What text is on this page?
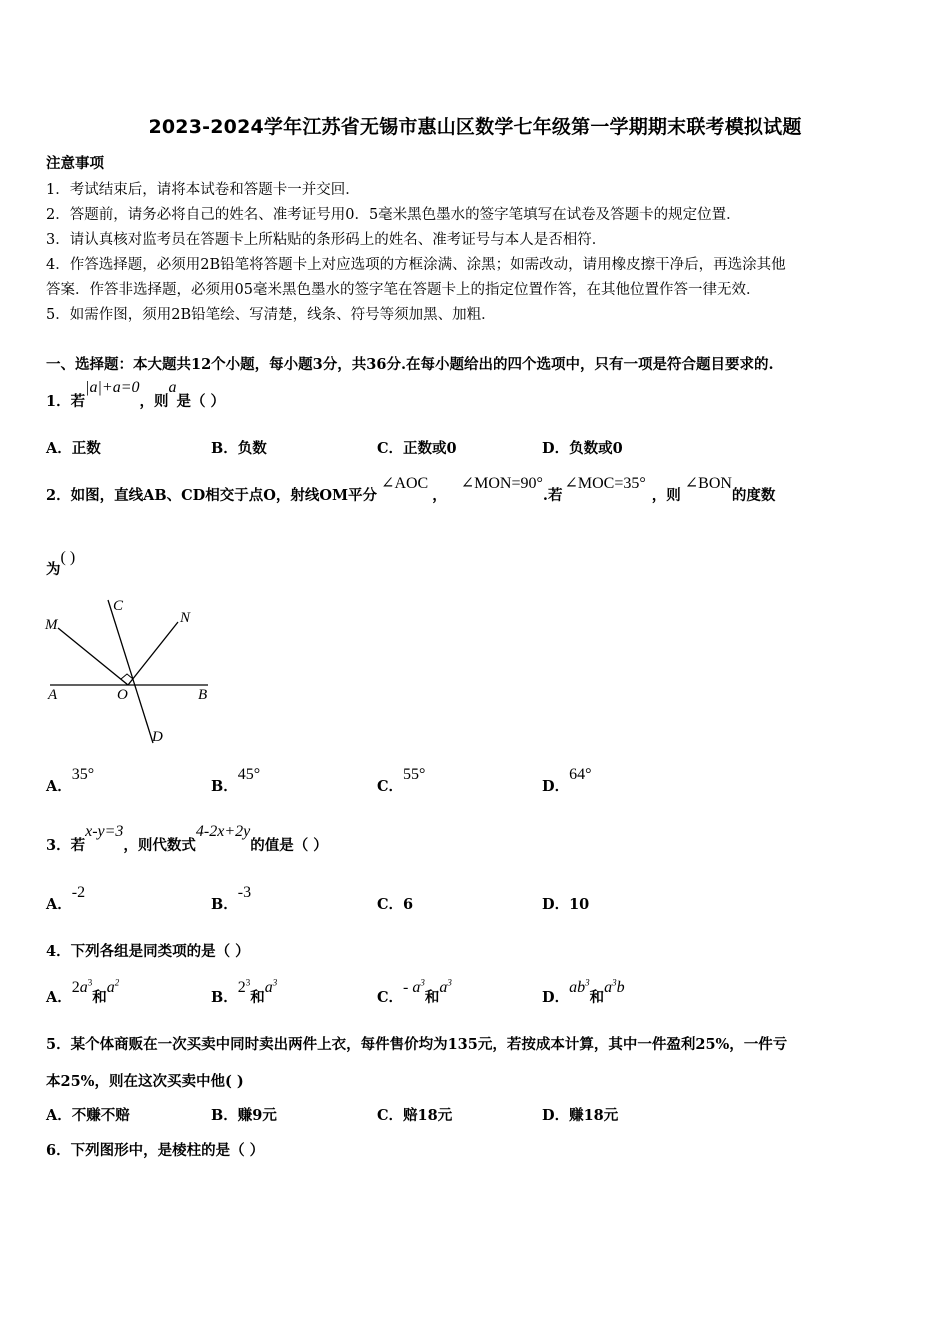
2023-2024学年江苏省无锡市惠山区数学七年级第一学期期末联考模拟试题
注意事项
1．考试结束后，请将本试卷和答题卡一并交回．
2．答题前，请务必将自己的姓名、准考证号用0．5毫米黑色墨水的签字笔填写在试卷及答题卡的规定位置．
3．请认真核对监考员在答题卡上所粘贴的条形码上的姓名、准考证号与本人是否相符．
4．作答选择题，必须用2B铅笔将答题卡上对应选项的方框涂满、涂黑；如需改动，请用橡皮擦干净后，再选涂其他
答案．作答非选择题，必须用05毫米黑色墨水的签字笔在答题卡上的指定位置作答，在其他位置作答一律无效．
5．如需作图，须用2B铅笔绘、写清楚，线条、符号等须加黑、加粗．
一、选择题：本大题共12个小题，每小题3分，共36分.在每小题给出的四个选项中，只有一项是符合题目要求的.
1．若|a|+a=0，则a是（ ）
A．正数	B．负数	C．正数或0	D．负数或0
2．如图，直线AB、CD相交于点O，射线OM平分∠AOC，∠MON=90°.若∠MOC=35°，则∠BON的度数
为( )
M
C
N
A	O	B
D
A．35°
B．45°
C．55°
D．64°
3．若x-y=3，则代数式4-2x+2y的值是（ ）
A．-2
B．-3
C．6	D．10
4．下列各组是同类项的是（ ）
A．$2a^3$和$a^2$
B．$2^3$和$a^3$
C．- $a^3$和$a^3$
D．$ab^3$和$a^3b$
5．某个体商贩在一次买卖中同时卖出两件上衣，每件售价均为135元，若按成本计算，其中一件盈利25%，一件亏
本25%，则在这次买卖中他( )
A．不赚不赔	B．赚9元	C．赔18元	D．赚18元
6．下列图形中，是棱柱的是（ ）
